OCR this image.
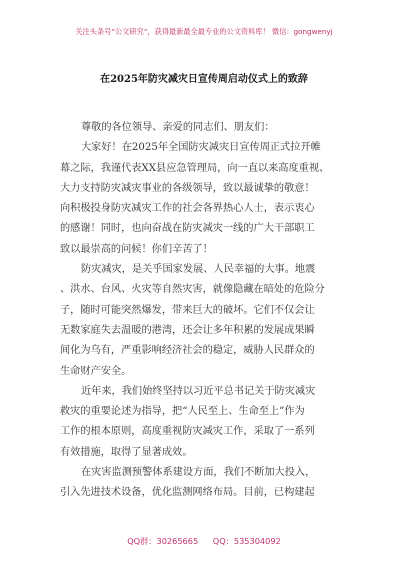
关注头条号“公文研究”，获得最新最全最专业的公文资料库！ 微信：gongwenyj
在2025年防灾减灾日宣传周启动仪式上的致辞
尊敬的各位领导、亲爱的同志们、朋友们：
大家好！在2025年全国防灾减灾日宣传周正式拉开帷
幕之际，我谨代表XX县应急管理局，向一直以来高度重视、
大力支持防灾减灾事业的各级领导，致以最诚挚的敬意！
向积极投身防灾减灾工作的社会各界热心人士，表示衷心
的感谢！同时，也向奋战在防灾减灾一线的广大干部职工
致以最崇高的问候！你们辛苦了！
防灾减灾，是关乎国家发展、人民幸福的大事。地震
、洪水、台风、火灾等自然灾害，就像隐藏在暗处的危险分
子，随时可能突然爆发，带来巨大的破坏。它们不仅会让
无数家庭失去温暖的港湾，还会让多年积累的发展成果瞬
间化为乌有，严重影响经济社会的稳定，威胁人民群众的
生命财产安全。
近年来，我们始终坚持以习近平总书记关于防灾减灾
救灾的重要论述为指导，把“人民至上、生命至上”作为
工作的根本原则，高度重视防灾减灾工作，采取了一系列
有效措施，取得了显著成效。
在灾害监测预警体系建设方面，我们不断加大投入，
引入先进技术设备，优化监测网络布局。目前，已构建起
QQ群：30265665 QQ：535304092
